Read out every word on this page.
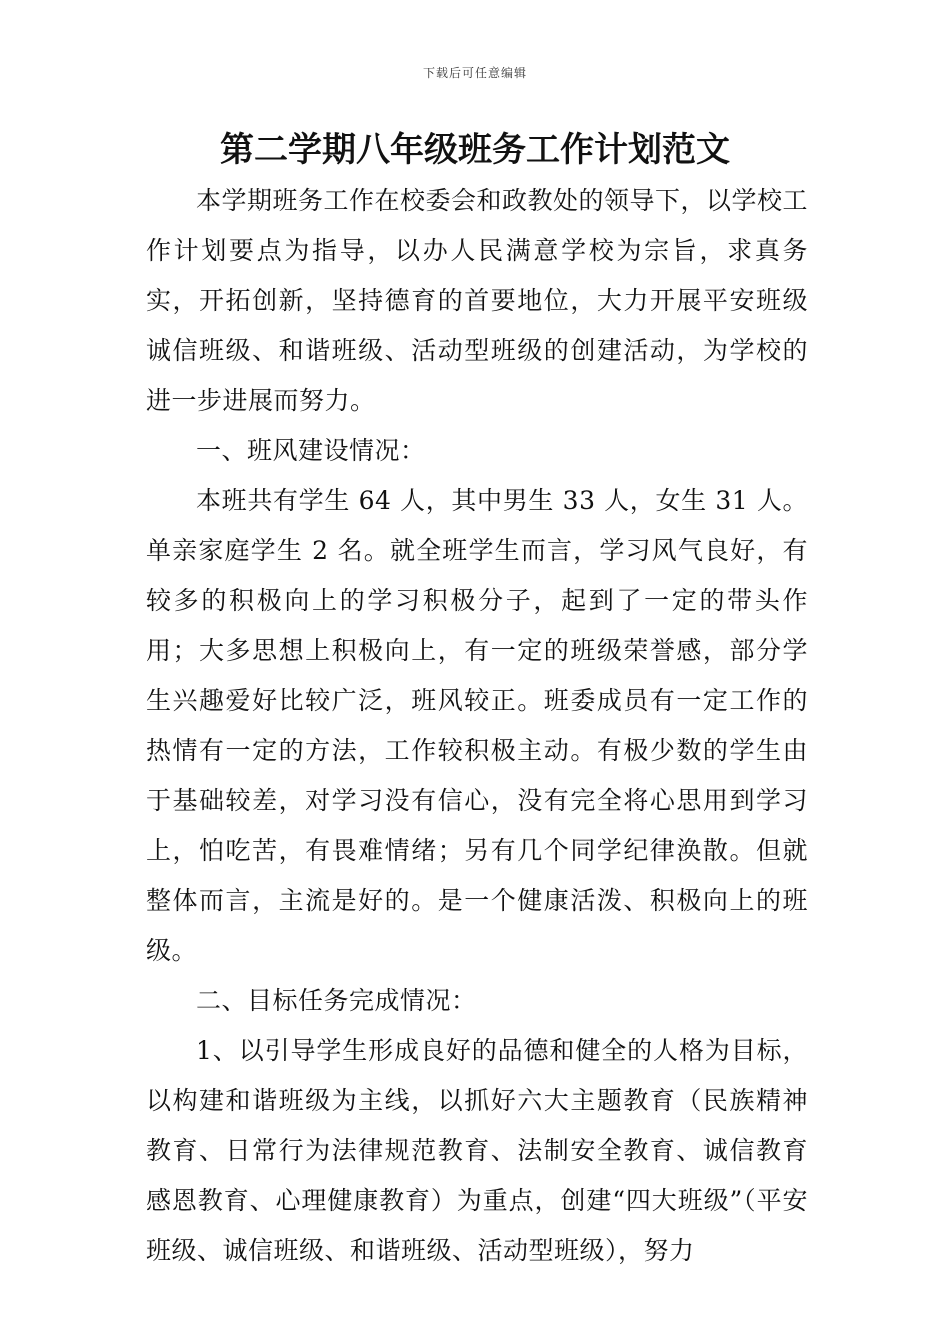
下载后可任意编辑
第二学期八年级班务工作计划范文

本学期班务工作在校委会和政教处的领导下，以学校工作计划要点为指导，以办人民满意学校为宗旨，求真务实，开拓创新，坚持德育的首要地位，大力开展平安班级诚信班级、和谐班级、活动型班级的创建活动，为学校的进一步进展而努力。

一、班风建设情况：

本班共有学生 64 人，其中男生 33 人，女生 31 人。单亲家庭学生 2 名。就全班学生而言，学习风气良好，有较多的积极向上的学习积极分子，起到了一定的带头作用；大多思想上积极向上，有一定的班级荣誉感，部分学生兴趣爱好比较广泛，班风较正。班委成员有一定工作的热情有一定的方法，工作较积极主动。有极少数的学生由于基础较差，对学习没有信心，没有完全将心思用到学习上，怕吃苦，有畏难情绪；另有几个同学纪律涣散。但就整体而言，主流是好的。是一个健康活泼、积极向上的班级。

二、目标任务完成情况：

1、以引导学生形成良好的品德和健全的人格为目标，以构建和谐班级为主线，以抓好六大主题教育（民族精神教育、日常行为法律规范教育、法制安全教育、诚信教育感恩教育、心理健康教育）为重点，创建“四大班级”（平安班级、诚信班级、和谐班级、活动型班级），努力
